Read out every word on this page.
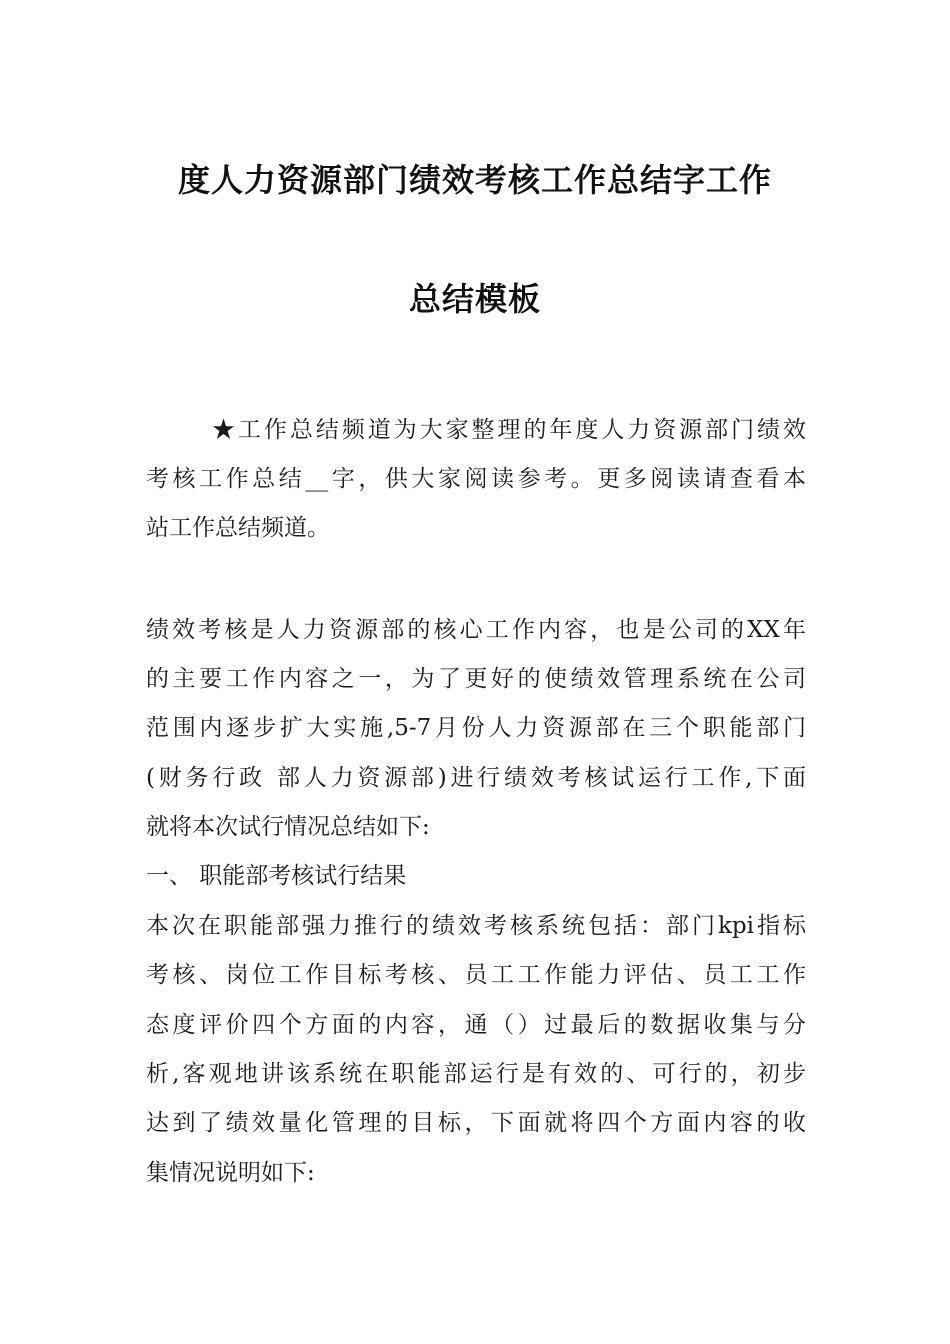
度人力资源部门绩效考核工作总结字工作
总结模板
★工作总结频道为大家整理的年度人力资源部门绩效
考核工作总结__字，供大家阅读参考。更多阅读请查看本
站工作总结频道。
绩效考核是人力资源部的核心工作内容，也是公司的XX年
的主要工作内容之一，为了更好的使绩效管理系统在公司
范围内逐步扩大实施,5-7月份人力资源部在三个职能部门
(财务行政 部人力资源部)进行绩效考核试运行工作,下面
就将本次试行情况总结如下:
一、 职能部考核试行结果
本次在职能部强力推行的绩效考核系统包括：部门kpi指标
考核、岗位工作目标考核、员工工作能力评估、员工工作
态度评价四个方面的内容，通（）过最后的数据收集与分
析,客观地讲该系统在职能部运行是有效的、可行的，初步
达到了绩效量化管理的目标，下面就将四个方面内容的收
集情况说明如下:
